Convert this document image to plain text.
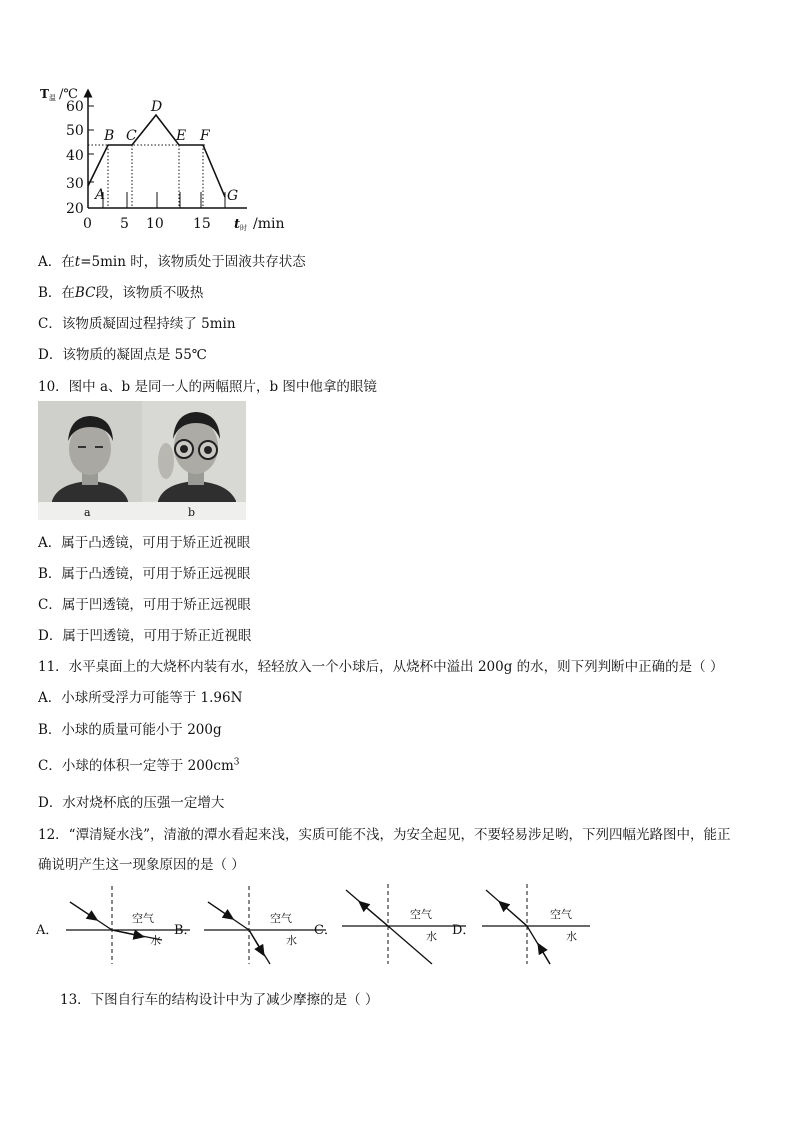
T 温 /℃
60
50
40
30
20
0 5 10 15 t 时 /min
A
B C
D
E F
G
A．在t=5min 时，该物质处于固液共存状态
B．在BC段，该物质不吸热
C．该物质凝固过程持续了 5min
D．该物质的凝固点是 55℃
10．图中 a、b 是同一人的两幅照片，b 图中他拿的眼镜
a	b
A．属于凸透镜，可用于矫正近视眼
B．属于凸透镜，可用于矫正远视眼
C．属于凹透镜，可用于矫正远视眼
D．属于凹透镜，可用于矫正近视眼
11．水平桌面上的大烧杯内装有水，轻轻放入一个小球后，从烧杯中溢出 200g 的水，则下列判断中正确的是（ ）
A．小球所受浮力可能等于 1.96N
B．小球的质量可能小于 200g
C．小球的体积一定等于 $200cm^3$
D．水对烧杯底的压强一定增大
12．“潭清疑水浅”，清澈的潭水看起来浅，实质可能不浅，为安全起见，不要轻易涉足哟，下列四幅光路图中，能正
确说明产生这一现象原因的是（ ）
A．
空气
水
B．
空气
水
C．
空气
水 D．
空气
水
13．下图自行车的结构设计中为了减少摩擦的是（ ）
